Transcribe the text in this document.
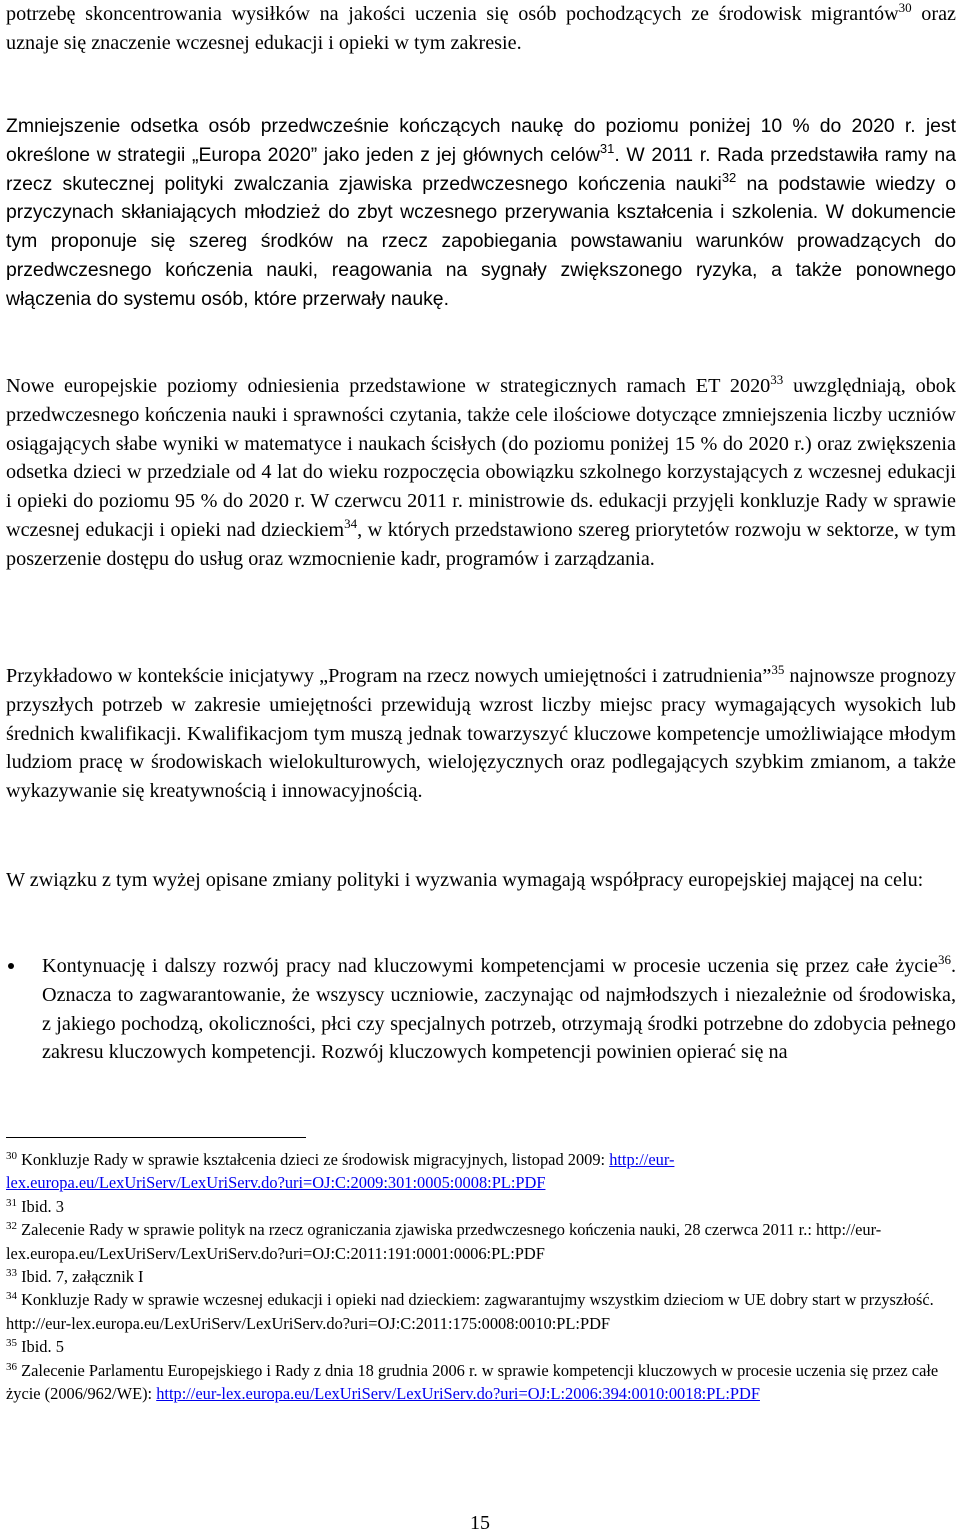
potrzebę skoncentrowania wysiłków na jakości uczenia się osób pochodzących ze środowisk migrantów$^{30}$ oraz uznaje się znaczenie wczesnej edukacji i opieki w tym zakresie.

Zmniejszenie odsetka osób przedwcześnie kończących naukę do poziomu poniżej 10 % do 2020 r. jest określone w strategii „Europa 2020” jako jeden z jej głównych celów$^{31}$. W 2011 r. Rada przedstawiła ramy na rzecz skutecznej polityki zwalczania zjawiska przedwczesnego kończenia nauki$^{32}$ na podstawie wiedzy o przyczynach skłaniających młodzież do zbyt wczesnego przerywania kształcenia i szkolenia. W dokumencie tym proponuje się szereg środków na rzecz zapobiegania powstawaniu warunków prowadzących do przedwczesnego kończenia nauki, reagowania na sygnały zwiększonego ryzyka, a także ponownego włączenia do systemu osób, które przerwały naukę.

Nowe europejskie poziomy odniesienia przedstawione w strategicznych ramach ET 2020$^{33}$ uwzględniają, obok przedwczesnego kończenia nauki i sprawności czytania, także cele ilościowe dotyczące zmniejszenia liczby uczniów osiągających słabe wyniki w matematyce i naukach ścisłych (do poziomu poniżej 15 % do 2020 r.) oraz zwiększenia odsetka dzieci w przedziale od 4 lat do wieku rozpoczęcia obowiązku szkolnego korzystających z wczesnej edukacji i opieki do poziomu 95 % do 2020 r. W czerwcu 2011 r. ministrowie ds. edukacji przyjęli konkluzje Rady w sprawie wczesnej edukacji i opieki nad dzieckiem$^{34}$, w których przedstawiono szereg priorytetów rozwoju w sektorze, w tym poszerzenie dostępu do usług oraz wzmocnienie kadr, programów i zarządzania.

Przykładowo w kontekście inicjatywy „Program na rzecz nowych umiejętności i zatrudnienia”$^{35}$ najnowsze prognozy przyszłych potrzeb w zakresie umiejętności przewidują wzrost liczby miejsc pracy wymagających wysokich lub średnich kwalifikacji. Kwalifikacjom tym muszą jednak towarzyszyć kluczowe kompetencje umożliwiające młodym ludziom pracę w środowiskach wielokulturowych, wielojęzycznych oraz podlegających szybkim zmianom, a także wykazywanie się kreatywnością i innowacyjnością.

W związku z tym wyżej opisane zmiany polityki i wyzwania wymagają współpracy europejskiej mającej na celu:

Kontynuację i dalszy rozwój pracy nad kluczowymi kompetencjami w procesie uczenia się przez całe życie$^{36}$. Oznacza to zagwarantowanie, że wszyscy uczniowie, zaczynając od najmłodszych i niezależnie od środowiska, z jakiego pochodzą, okoliczności, płci czy specjalnych potrzeb, otrzymają środki potrzebne do zdobycia pełnego zakresu kluczowych kompetencji. Rozwój kluczowych kompetencji powinien opierać się na

$^{30}$ Konkluzje Rady w sprawie kształcenia dzieci ze środowisk migracyjnych, listopad 2009: http://eur-lex.europa.eu/LexUriServ/LexUriServ.do?uri=OJ:C:2009:301:0005:0008:PL:PDF

$^{31}$ Ibid. 3

$^{32}$ Zalecenie Rady w sprawie polityk na rzecz ograniczania zjawiska przedwczesnego kończenia nauki, 28 czerwca 2011 r.: http://eur-lex.europa.eu/LexUriServ/LexUriServ.do?uri=OJ:C:2011:191:0001:0006:PL:PDF

$^{33}$ Ibid. 7, załącznik I

$^{34}$ Konkluzje Rady w sprawie wczesnej edukacji i opieki nad dzieckiem: zagwarantujmy wszystkim dzieciom w UE dobry start w przyszłość. http://eur-lex.europa.eu/LexUriServ/LexUriServ.do?uri=OJ:C:2011:175:0008:0010:PL:PDF

$^{35}$ Ibid. 5

$^{36}$ Zalecenie Parlamentu Europejskiego i Rady z dnia 18 grudnia 2006 r. w sprawie kompetencji kluczowych w procesie uczenia się przez całe życie (2006/962/WE): http://eur-lex.europa.eu/LexUriServ/LexUriServ.do?uri=OJ:L:2006:394:0010:0018:PL:PDF

15
